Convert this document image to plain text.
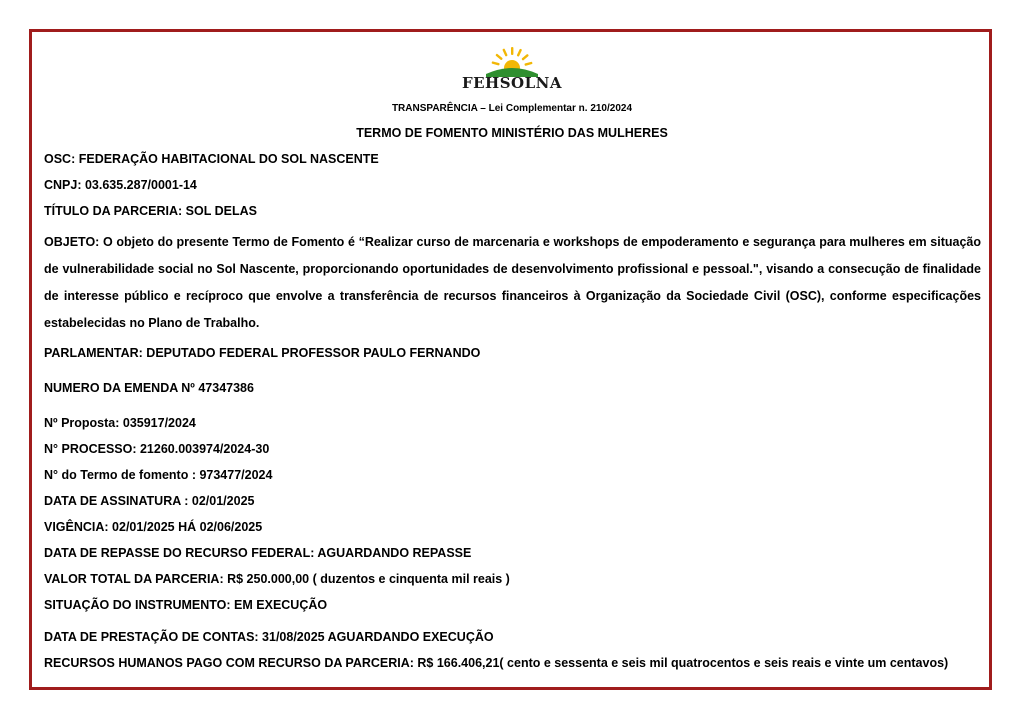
FEHSOLNA
TRANSPARÊNCIA – Lei Complementar n. 210/2024
TERMO DE FOMENTO MINISTÉRIO DAS MULHERES
OSC: FEDERAÇÃO HABITACIONAL DO SOL NASCENTE
CNPJ: 03.635.287/0001-14
TÍTULO DA PARCERIA: SOL DELAS
OBJETO: O objeto do presente Termo de Fomento é “Realizar curso de marcenaria e workshops de empoderamento e segurança para mulheres em situação de vulnerabilidade social no Sol Nascente, proporcionando oportunidades de desenvolvimento profissional e pessoal.", visando a consecução de finalidade de interesse público e recíproco que envolve a transferência de recursos financeiros à Organização da Sociedade Civil (OSC), conforme especificações estabelecidas no Plano de Trabalho.
PARLAMENTAR: DEPUTADO FEDERAL PROFESSOR PAULO FERNANDO
NUMERO DA EMENDA Nº 47347386
Nº Proposta: 035917/2024
N° PROCESSO: 21260.003974/2024-30
N° do Termo de fomento : 973477/2024
DATA DE ASSINATURA : 02/01/2025
VIGÊNCIA: 02/01/2025 HÁ 02/06/2025
DATA DE REPASSE DO RECURSO FEDERAL: AGUARDANDO REPASSE
VALOR TOTAL DA PARCERIA: R$ 250.000,00 ( duzentos e cinquenta mil reais )
SITUAÇÃO DO INSTRUMENTO: EM EXECUÇÃO
DATA DE PRESTAÇÃO DE CONTAS: 31/08/2025 AGUARDANDO EXECUÇÃO
RECURSOS HUMANOS PAGO COM RECURSO DA PARCERIA: R$ 166.406,21( cento e sessenta e seis mil quatrocentos e seis reais e vinte um centavos)
